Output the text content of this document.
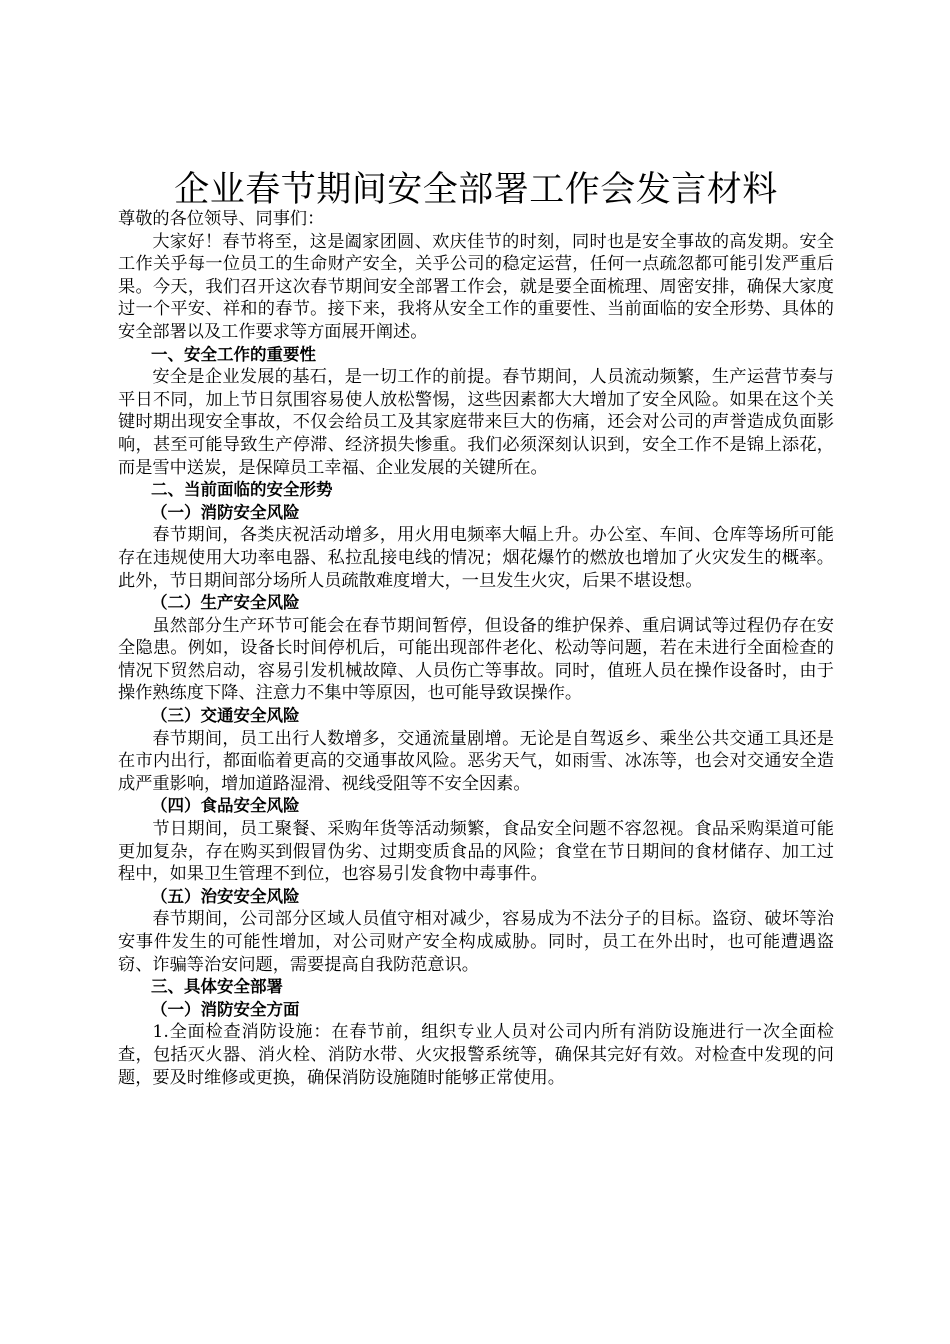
企业春节期间安全部署工作会发言材料
尊敬的各位领导、同事们：

大家好！春节将至，这是阖家团圆、欢庆佳节的时刻，同时也是安全事故的高发期。安全工作关乎每一位员工的生命财产安全，关乎公司的稳定运营，任何一点疏忽都可能引发严重后果。今天，我们召开这次春节期间安全部署工作会，就是要全面梳理、周密安排，确保大家度过一个平安、祥和的春节。接下来，我将从安全工作的重要性、当前面临的安全形势、具体的安全部署以及工作要求等方面展开阐述。

一、安全工作的重要性

安全是企业发展的基石，是一切工作的前提。春节期间，人员流动频繁，生产运营节奏与平日不同，加上节日氛围容易使人放松警惕，这些因素都大大增加了安全风险。如果在这个关键时期出现安全事故，不仅会给员工及其家庭带来巨大的伤痛，还会对公司的声誉造成负面影响，甚至可能导致生产停滞、经济损失惨重。我们必须深刻认识到，安全工作不是锦上添花，而是雪中送炭，是保障员工幸福、企业发展的关键所在。

二、当前面临的安全形势
（一）消防安全风险

春节期间，各类庆祝活动增多，用火用电频率大幅上升。办公室、车间、仓库等场所可能存在违规使用大功率电器、私拉乱接电线的情况；烟花爆竹的燃放也增加了火灾发生的概率。此外，节日期间部分场所人员疏散难度增大，一旦发生火灾，后果不堪设想。

（二）生产安全风险

虽然部分生产环节可能会在春节期间暂停，但设备的维护保养、重启调试等过程仍存在安全隐患。例如，设备长时间停机后，可能出现部件老化、松动等问题，若在未进行全面检查的情况下贸然启动，容易引发机械故障、人员伤亡等事故。同时，值班人员在操作设备时，由于操作熟练度下降、注意力不集中等原因，也可能导致误操作。

（三）交通安全风险

春节期间，员工出行人数增多，交通流量剧增。无论是自驾返乡、乘坐公共交通工具还是在市内出行，都面临着更高的交通事故风险。恶劣天气，如雨雪、冰冻等，也会对交通安全造成严重影响，增加道路湿滑、视线受阻等不安全因素。

（四）食品安全风险

节日期间，员工聚餐、采购年货等活动频繁，食品安全问题不容忽视。食品采购渠道可能更加复杂，存在购买到假冒伪劣、过期变质食品的风险；食堂在节日期间的食材储存、加工过程中，如果卫生管理不到位，也容易引发食物中毒事件。

（五）治安安全风险

春节期间，公司部分区域人员值守相对减少，容易成为不法分子的目标。盗窃、破坏等治安事件发生的可能性增加，对公司财产安全构成威胁。同时，员工在外出时，也可能遭遇盗窃、诈骗等治安问题，需要提高自我防范意识。

三、具体安全部署
（一）消防安全方面

1.全面检查消防设施：在春节前，组织专业人员对公司内所有消防设施进行一次全面检查，包括灭火器、消火栓、消防水带、火灾报警系统等，确保其完好有效。对检查中发现的问题，要及时维修或更换，确保消防设施随时能够正常使用。
